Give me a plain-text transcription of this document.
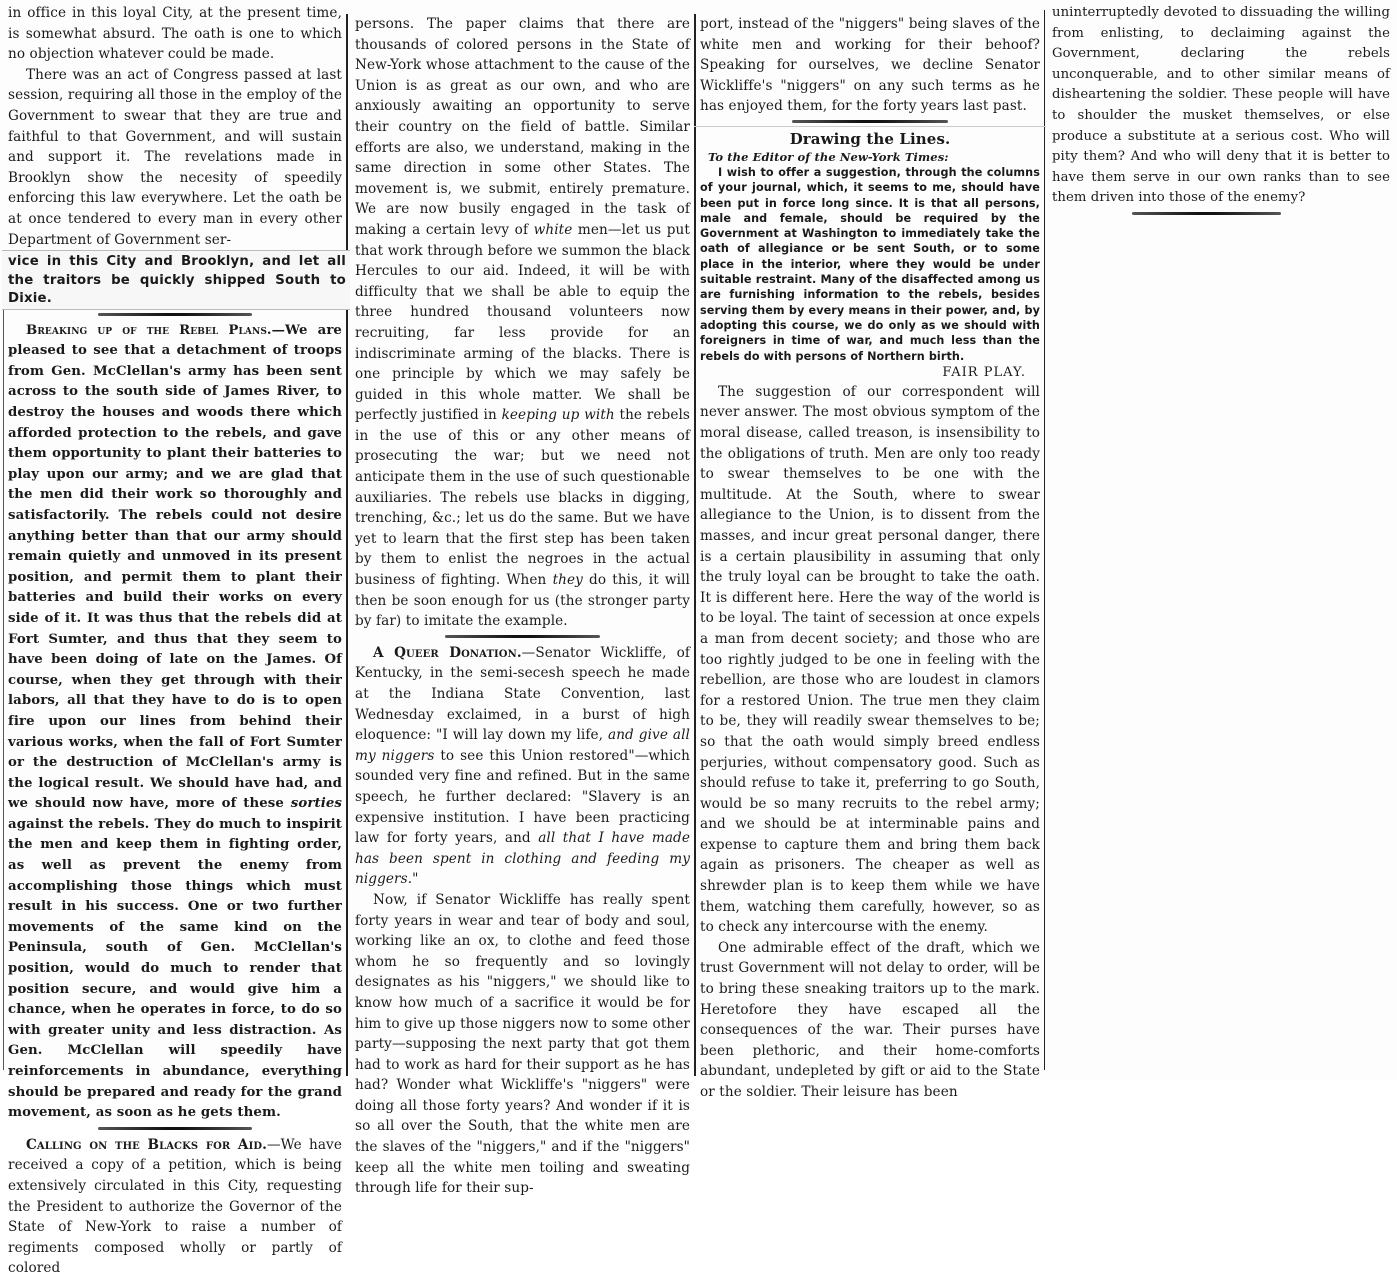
in office in this loyal City, at the present time, is somewhat absurd. The oath is one to which no objection whatever could be made.

There was an act of Congress passed at last session, requiring all those in the employ of the Government to swear that they are true and faithful to that Government, and will sustain and support it. The revelations made in Brooklyn show the necesity of speedily enforcing this law everywhere. Let the oath be at once tendered to every man in every other Department of Government ser-

vice in this City and Brooklyn, and let all the traitors be quickly shipped South to Dixie.

Breaking up of the Rebel Plans.—We are pleased to see that a detachment of troops from Gen. McClellan's army has been sent across to the south side of James River, to destroy the houses and woods there which afforded protection to the rebels, and gave them opportunity to plant their batteries to play upon our army; and we are glad that the men did their work so thoroughly and satisfactorily. The rebels could not desire anything better than that our army should remain quietly and unmoved in its present position, and permit them to plant their batteries and build their works on every side of it. It was thus that the rebels did at Fort Sumter, and thus that they seem to have been doing of late on the James. Of course, when they get through with their labors, all that they have to do is to open fire upon our lines from behind their various works, when the fall of Fort Sumter or the destruction of McClellan's army is the logical result. We should have had, and we should now have, more of these sorties against the rebels. They do much to inspirit the men and keep them in fighting order, as well as prevent the enemy from accomplishing those things which must result in his success. One or two further movements of the same kind on the Peninsula, south of Gen. McClellan's position, would do much to render that position secure, and would give him a chance, when he operates in force, to do so with greater unity and less distraction. As Gen. McClellan will speedily have reinforcements in abundance, everything should be prepared and ready for the grand movement, as soon as he gets them.

Calling on the Blacks for Aid.—We have received a copy of a petition, which is being extensively circulated in this City, requesting the President to authorize the Governor of the State of New-York to raise a number of regiments composed wholly or partly of colored

persons. The paper claims that there are thousands of colored persons in the State of New-York whose attachment to the cause of the Union is as great as our own, and who are anxiously awaiting an opportunity to serve their country on the field of battle. Similar efforts are also, we understand, making in the same direction in some other States. The movement is, we submit, entirely premature. We are now busily engaged in the task of making a certain levy of white men—let us put that work through before we summon the black Hercules to our aid. Indeed, it will be with difficulty that we shall be able to equip the three hundred thousand volunteers now recruiting, far less provide for an indiscriminate arming of the blacks. There is one principle by which we may safely be guided in this whole matter. We shall be perfectly justified in keeping up with the rebels in the use of this or any other means of prosecuting the war; but we need not anticipate them in the use of such questionable auxiliaries. The rebels use blacks in digging, trenching, &c.; let us do the same. But we have yet to learn that the first step has been taken by them to enlist the negroes in the actual business of fighting. When they do this, it will then be soon enough for us (the stronger party by far) to imitate the example.

A Queer Donation.—Senator Wickliffe, of Kentucky, in the semi-secesh speech he made at the Indiana State Convention, last Wednesday exclaimed, in a burst of high eloquence: "I will lay down my life, and give all my niggers to see this Union restored"—which sounded very fine and refined. But in the same speech, he further declared: "Slavery is an expensive institution. I have been practicing law for forty years, and all that I have made has been spent in clothing and feeding my niggers."

Now, if Senator Wickliffe has really spent forty years in wear and tear of body and soul, working like an ox, to clothe and feed those whom he so frequently and so lovingly designates as his "niggers," we should like to know how much of a sacrifice it would be for him to give up those niggers now to some other party—supposing the next party that got them had to work as hard for their support as he has had? Wonder what Wickliffe's "niggers" were doing all those forty years? And wonder if it is so all over the South, that the white men are the slaves of the "niggers," and if the "niggers" keep all the white men toiling and sweating through life for their sup-

port, instead of the "niggers" being slaves of the white men and working for their behoof? Speaking for ourselves, we decline Senator Wickliffe's "niggers" on any such terms as he has enjoyed them, for the forty years last past.

Drawing the Lines.
To the Editor of the New-York Times:

I wish to offer a suggestion, through the columns of your journal, which, it seems to me, should have been put in force long since. It is that all persons, male and female, should be required by the Government at Washington to immediately take the oath of allegiance or be sent South, or to some place in the interior, where they would be under suitable restraint. Many of the disaffected among us are furnishing information to the rebels, besides serving them by every means in their power, and, by adopting this course, we do only as we should with foreigners in time of war, and much less than the rebels do with persons of Northern birth.

FAIR PLAY.

The suggestion of our correspondent will never answer. The most obvious symptom of the moral disease, called treason, is insensibility to the obligations of truth. Men are only too ready to swear themselves to be one with the multitude. At the South, where to swear allegiance to the Union, is to dissent from the masses, and incur great personal danger, there is a certain plausibility in assuming that only the truly loyal can be brought to take the oath. It is different here. Here the way of the world is to be loyal. The taint of secession at once expels a man from decent society; and those who are too rightly judged to be one in feeling with the rebellion, are those who are loudest in clamors for a restored Union. The true men they claim to be, they will readily swear themselves to be; so that the oath would simply breed endless perjuries, without compensatory good. Such as should refuse to take it, preferring to go South, would be so many recruits to the rebel army; and we should be at interminable pains and expense to capture them and bring them back again as prisoners. The cheaper as well as shrewder plan is to keep them while we have them, watching them carefully, however, so as to check any intercourse with the enemy.

One admirable effect of the draft, which we trust Government will not delay to order, will be to bring these sneaking traitors up to the mark. Heretofore they have escaped all the consequences of the war. Their purses have been plethoric, and their home-comforts abundant, undepleted by gift or aid to the State or the soldier. Their leisure has been

uninterruptedly devoted to dissuading the willing from enlisting, to declaiming against the Government, declaring the rebels unconquerable, and to other similar means of disheartening the soldier. These people will have to shoulder the musket themselves, or else produce a substitute at a serious cost. Who will pity them? And who will deny that it is better to have them serve in our own ranks than to see them driven into those of the enemy?
